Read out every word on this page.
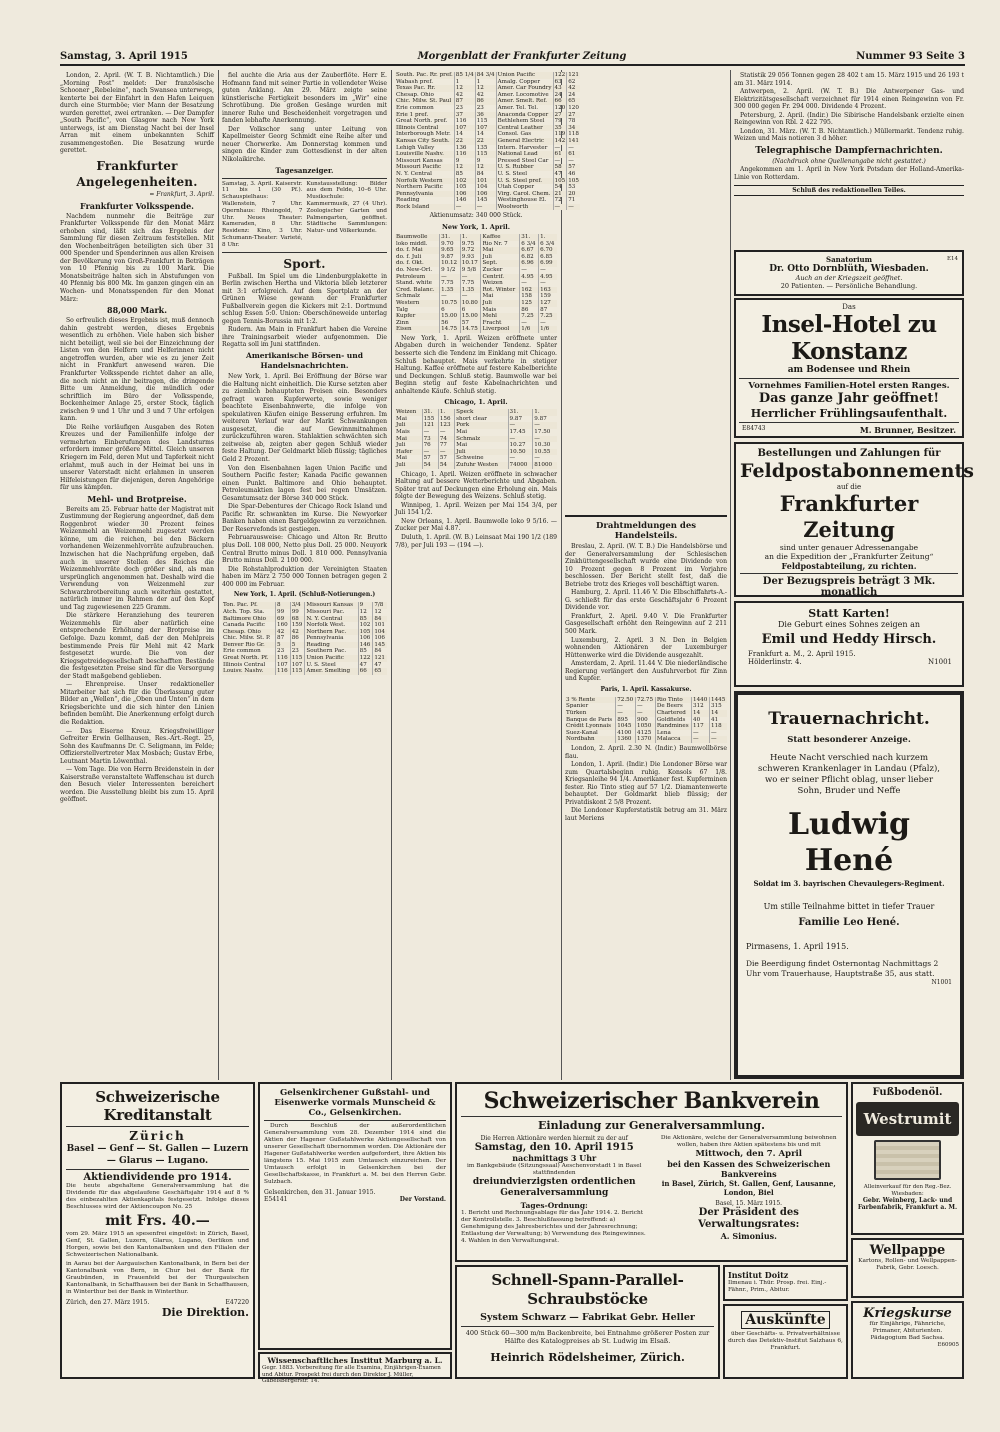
Samstag, 3. April 1915	Morgenblatt der Frankfurter Zeitung	Nummer 93 Seite 3

London, 2. April. (W. T. B. Nichtamtlich.) Die „Morning Post“ meldet: Der französische Schooner „Rebeleine“, nach Swansea unterwegs, kenterte bei der Einfahrt in den Hafen Leiquen durch eine Sturmböe; vier Mann der Besatzung wurden gerettet, zwei ertranken. — Der Dampfer „South Pacific“, von Glasgow nach New York unterwegs, ist am Dienstag Nacht bei der Insel Arran mit einem unbekannten Schiff zusammengestoßen. Die Besatzung wurde gerettet.

Frankfurter Angelegenheiten.

= Frankfurt, 3. April.

Frankfurter Volksspende.

Nachdem nunmehr die Beiträge zur Frankfurter Volksspende für den Monat März erhoben sind, läßt sich das Ergebnis der Sammlung für diesen Zeitraum feststellen. Mit den Wochenbeiträgen beteiligten sich über 31 000 Spender und Spenderinnen aus allen Kreisen der Bevölkerung von Groß-Frankfurt in Beträgen von 10 Pfennig bis zu 100 Mark. Die Monatsbeiträge halten sich in Abstufungen von 40 Pfennig bis 800 Mk. Im ganzen gingen ein an Wochen- und Monatsspenden für den Monat März:

88,000 Mark.

So erfreulich dieses Ergebnis ist, muß dennoch dahin gestrebt werden, dieses Ergebnis wesentlich zu erhöhen. Viele haben sich bisher nicht beteiligt, weil sie bei der Einzeichnung der Listen von den Helfern und Helferinnen nicht angetroffen wurden, aber wie es zu jener Zeit nicht in Frankfurt anwesend waren. Die Frankfurter Volksspende richtet daher an alle, die noch nicht an ihr beitragen, die dringende Bitte um Anmeldung, die mündlich oder schriftlich im Büro der Volksspende, Bockenheimer Anlage 25, erster Stock, täglich zwischen 9 und 1 Uhr und 3 und 7 Uhr erfolgen kann.

Die Reihe vorläufigen Ausgaben des Roten Kreuzes und der Familienhilfe infolge der vermehrten Einberufungen des Landsturms erfordern immer größere Mittel. Gleich unseren Kriegern im Feld, deren Mut und Tapferkeit nicht erlahmt, muß auch in der Heimat bei uns in unserer Vaterstadt nicht erlahmen in unseren Hilfeleistungen für diejenigen, deren Angehörige für uns kämpfen.

Mehl- und Brotpreise.

Bereits am 25. Februar hatte der Magistrat mit Zustimmung der Regierung angeordnet, daß dem Roggenbrot wieder 30 Prozent feines Weizenmehl an Weizenmehl zugesetzt werden könne, um die reichen, bei den Bäckern vorhandenen Weizenmehlvorräte aufzubrauchen. Inzwischen hat die Nachprüfung ergeben, daß auch in unserer Stellen des Reiches die Weizenmehlvorräte doch größer sind, als man ursprünglich angenommen hat. Deshalb wird die Verwendung von Weizenmehl zur Schwarzbrotbereitung auch weiterhin gestattet, natürlich immer im Rahmen der auf den Kopf und Tag zugewiesenen 225 Gramm.

Die stärkere Heranziehung des teureren Weizenmehls für aber natürlich eine entsprechende Erhöhung der Brotpreise im Gefolge. Dazu kommt, daß der den Mehlpreis bestimmende Preis für Mehl mit 42 Mark festgesetzt wurde. Die von der Kriegsgetreidegesellschaft beschafften Bestände die festgesetzten Preise sind für die Versorgung der Stadt maßgebend geblieben.

— Ehrenpreise. Unser redaktioneller Mitarbeiter hat sich für die Überlassung guter Bilder an „Wellen“, die „Oben und Unten“ in dem Kriegsberichte und die sich hinter den Linien befinden bemüht. Die Anerkennung erfolgt durch die Redaktion.

— Das Eiserne Kreuz. Kriegsfreiwilliger Gefreiter Erwin Gellhausen, Res.-Art.-Regt. 25, Sohn des Kaufmanns Dr. C. Seligmann, im Felde; Offizierstellvertreter Max Mosbach; Gustav Erbe, Leutnant Martin Löwenthal.

— Vom Tage. Die von Herrn Breidenstein in der Kaiserstraße veranstaltete Waffenschau ist durch den Besuch vieler Interessenten bereichert worden. Die Ausstellung bleibt bis zum 15. April geöffnet.

fiel auchte die Aria aus der Zauberflöte. Herr E. Hofmann fand mit seiner Partie in vollendeter Weise guten Anklang. Am 29. März zeigte seine künstlerische Fertigkeit besonders im „Wir“ eine Schrotübung. Die großen Gesänge wurden mit innerer Ruhe und Bescheidenheit vorgetragen und fanden lebhafte Anerkennung.

Der Volkschor sang unter Leitung von Kapellmeister Georg Schmidt eine Reihe alter und neuer Chorwerke. Am Donnerstag kommen und singen die Kinder zum Gottesdienst in der alten Nikolaikirche.

Tagesanzeiger.

Samstag, 3. April. Kaiserstr. 11 bis 1 (30 Pf.). Schauspielhaus: Wallenstein, 7 Uhr. Opernhaus: Rheingold, 7 Uhr. Neues Theater: Kameraden, 8 Uhr. Residenz: Kino, 3 Uhr. Schumann-Theater: Varieté, 8 Uhr.

Kunstausstellung: Bilder aus dem Felde, 10–6 Uhr. Musikschule: Kammermusik, 27 (4 Uhr). Zoologischer Garten und Palmengarten, geöffnet. Städtische Sammlungen: Natur- und Völkerkunde.

Sport.

Fußball. Im Spiel um die Lindenburgplakette in Berlin zwischen Hertha und Viktoria blieb letzterer mit 3:1 erfolgreich. Auf dem Sportplatz an der Grünen Wiese gewann der Frankfurter Fußballverein gegen die Kickers mit 2:1. Dortmund schlug Essen 5:0. Union: Oberschöneweide unterlag gegen Tennis-Borussia mit 1:2.

Rudern. Am Main in Frankfurt haben die Vereine ihre Trainingsarbeit wieder aufgenommen. Die Regatta soll im Juni stattfinden.

Amerikanische Börsen- und Handelsnachrichten.

New York, 1. April. Bei Eröffnung der Börse war die Haltung nicht einheitlich. Die Kurse setzten aber zu ziemlich behaupteten Preisen ein. Besonders gefragt waren Kupferwerte, sowie weniger beachtete Eisenbahnwerte, die infolge von spekulativen Käufen einige Besserung erfuhren. Im weiteren Verlauf war der Markt Schwankungen ausgesetzt, die auf Gewinnmitnahmen zurückzuführen waren. Stahlaktien schwächten sich zeitweise ab, zeigten aber gegen Schluß wieder feste Haltung. Der Geldmarkt blieb flüssig; tägliches Geld 2 Prozent.

Von den Eisenbahnen lagen Union Pacific und Southern Pacific fester; Kanada Pacific gewannen einen Punkt. Baltimore and Ohio behauptet. Petroleumaktien lagen fest bei regen Umsätzen. Gesamtumsatz der Börse 340 000 Stück.

Die Spar-Debentures der Chicago Rock Island und Pacific Rr. schwankten im Kurse. Die Newyorker Banken haben einen Bargeldgewinn zu verzeichnen. Der Reservefonds ist gestiegen.

Februarausweise: Chicago und Alton Rr. Brutto plus Doll. 108 000, Netto plus Doll. 25 000. Neuyork Central Brutto minus Doll. 1 810 000. Pennsylvania Brutto minus Doll. 2 100 000.

Die Rohstahlproduktion der Vereinigten Staaten haben im März 2 750 000 Tonnen betragen gegen 2 400 000 im Februar.

New York, 1. April. (Schluß-Notierungen.)
Ton. Pac. Pf.	8	3/4	Missouri Kansas	9	7/8
Atch. Top. Sta.	99	99	Missouri Pac.	12	12
Baltimore Ohio	69	68	N. Y. Central	85	84
Canada Pacific	160	159	Norfolk West.	102	101
Chesap. Ohio	42	42	Northern Pac.	105	104
Chic. Milw. St. P.	87	86	Pennsylvania	106	106
Denver Rio Gr.	5	5	Reading	146	145
Erie common	23	23	Southern Pac.	85	84
Great North. Pf.	116	115	Union Pacific	122	121
Illinois Central	107	107	U. S. Steel	47	47
Louisv. Nashv.	116	115	Amer. Smelting	66	65
South. Pac. Rr. pref.	85 1/4	84 3/4	Union Pacific	122	121
Wabash pref.	1	1	Amalg. Copper	63	62
Texas Pac. Rr.	12	12	Amer. Car Foundry	43	42
Chesap. Ohio	42	42	Amer. Locomotive	24	24
Chic. Milw. St. Paul	87	86	Amer. Smelt. Ref.	66	65
Erie common	23	23	Amer. Tel. Tel.	120	120
Erie 1 pref.	37	36	Anaconda Copper	27	27
Great North. pref.	116	115	Bethlehem Steel	79	78
Illinois Central	107	107	Central Leather	35	34
Interborough Metr.	14	14	Consol. Gas	119	118
Kansas City South.	22	22	General Electric	142	141
Lehigh Valley	136	135	Intern. Harvester	—	—
Louisville Nashv.	116	115	National Lead	61	61
Missouri Kansas	9	9	Pressed Steel Car	—	—
Missouri Pacific	12	12	U. S. Rubber	58	57
N. Y. Central	85	84	U. S. Steel	47	46
Norfolk Western	102	101	U. S. Steel pref.	105	105
Northern Pacific	105	104	Utah Copper	54	53
Pennsylvania	106	106	Virg. Carol. Chem.	21	20
Reading	146	145	Westinghouse El.	72	71
Rock Island	—	—	Woolworth	—	—

Aktienumsatz: 340 000 Stück.

New York, 1. April.
Baumwolle	31.	1.	Kaffee	31.	1.
loko middl.	9.70	9.75	Rio Nr. 7	6 3/4	6 3/4
do. f. Mai	9.65	9.72	Mai	6.67	6.70
do. f. Juli	9.87	9.93	Juli	6.82	6.85
do. f. Okt.	10.12	10.17	Sept.	6.96	6.99
do. New-Orl.	9 1/2	9 5/8	Zucker	—	—
Petroleum	—	—	Centrif.	4.95	4.95
Stand. white	7.75	7.75	Weizen	—	—
Cred. Balanc.	1.35	1.35	Rot. Winter	162	163
Schmalz	—	—	Mai	158	159
Western	10.75	10.80	Juli	125	127
Talg	6	6	Mais	86	87
Kupfer	15.00	15.00	Mehl	7.25	7.25
Zinn	56	57	Fracht	—	—
Eisen	14.75	14.75	Liverpool	1/6	1/6

New York, 1. April. Weizen eröffnete unter Abgaben durch in weichender Tendenz. Später besserte sich die Tendenz im Einklang mit Chicago. Schluß behauptet. Mais verkehrte in stetiger Haltung. Kaffee eröffnete auf festere Kabelberichte und Deckungen. Schluß stetig. Baumwolle war bei Beginn stetig auf feste Kabelnachrichten und anhaltende Käufe. Schluß stetig.

Chicago, 1. April.
Weizen	31.	1.	Speck	31.	1.
Mai	155	156	short clear	9.87	9.87
Juli	121	123	Pork	—	—
Mais	—	—	Mai	17.45	17.50
Mai	73	74	Schmalz	—	—
Juli	76	77	Mai	10.27	10.30
Hafer	—	—	Juli	10.50	10.55
Mai	57	57	Schweine	—	—
Juli	54	54	Zufuhr Westen	74000	81000

Chicago, 1. April. Weizen eröffnete in schwacher Haltung auf bessere Wetterberichte und Abgaben. Später trat auf Deckungen eine Erholung ein. Mais folgte der Bewegung des Weizens. Schluß stetig.

Winnipeg, 1. April. Weizen per Mai 154 3/4, per Juli 154 1/2.

New Orleans, 1. April. Baumwolle loko 9 5/16. — Zucker per Mai 4.87.

Duluth, 1. April. (W. B.) Leinsaat Mai 190 1/2 (189 7/8), per Juli 193 — (194 —).

Drahtmeldungen des Handelsteils.

Breslau, 2. April. (W. T. B.) Die Handelsbörse und der Generalversammlung der Schlesischen Zinkhüttengesellschaft wurde eine Dividende von 10 Prozent gegen 8 Prozent im Vorjahre beschlossen. Der Bericht stellt fest, daß die Betriebe trotz des Krieges voll beschäftigt waren.

Hamburg, 2. April. 11.46 V. Die Elbschiffahrts-A.-G. schließt für das erste Geschäftsjahr 6 Prozent Dividende vor.

Frankfurt, 2. April. 9.40 V. Die Frankfurter Gasgesellschaft erhöht den Reingewinn auf 2 211 500 Mark.

Luxemburg, 2. April. 3 N. Den in Belgien wohnenden Aktionären der Luxemburger Hüttenwerke wird die Dividende ausgezahlt.

Amsterdam, 2. April. 11.44 V. Die niederländische Regierung verlängert den Ausfuhrverbot für Zinn und Kupfer.

Paris, 1. April. Kassakurse.
3 % Rente	72.50	72.75	Rio Tinto	1440	1445
Spanier	—	—	De Beers	312	315
Türken	—	—	Chartered	14	14
Banque de Paris	895	900	Goldfields	40	41
Crédit Lyonnais	1045	1050	Randmines	117	118
Suez-Kanal	4100	4125	Lena	—	—
Nordbahn	1360	1370	Malacca	—	—

London, 2. April. 2.30 N. (Indir.) Baumwollbörse flau.

London, 1. April. (Indir.) Die Londoner Börse war zum Quartalsbeginn ruhig. Konsols 67 1/8. Kriegsanleihe 94 1/4. Amerikaner fest. Kupferminen fester. Rio Tinto stieg auf 57 1/2. Diamantenwerte behauptet. Der Goldmarkt blieb flüssig; der Privatdiskont 2 5/8 Prozent.

Die Londoner Kupferstatistik betrug am 31. März laut Meriens

Statistik 29 056 Tonnen gegen 28 402 t am 15. März 1915 und 26 193 t am 31. März 1914.

Antwerpen, 2. April. (W. T. B.) Die Antwerpener Gas- und Elektrizitätsgesellschaft verzeichnet für 1914 einen Reingewinn von Fr. 300 000 gegen Fr. 294 000. Dividende 4 Prozent.

Petersburg, 2. April. (Indir.) Die Sibirische Handelsbank erzielte einen Reingewinn von Rbl. 2 422 795.

London, 31. März. (W. T. B. Nichtamtlich.) Müllermarkt. Tendenz ruhig. Weizen und Mais notieren 3 d höher.

Telegraphische Dampfernachrichten.

(Nachdruck ohne Quellenangabe nicht gestattet.)

Angekommen am 1. April in New York Potsdam der Holland-Amerika-Linie von Rotterdam.

Schluß des redaktionellen Teiles.
Sanatorium
Dr. Otto Dornblüth, Wiesbaden.
Auch an der Kriegszeit geöffnet.
20 Patienten. — Persönliche Behandlung.
E14
Das
Insel-Hotel zu Konstanz
am Bodensee und Rhein
Vornehmes Familien-Hotel ersten Ranges.
Das ganze Jahr geöffnet!
Herrlicher Frühlingsaufenthalt.
E84743	M. Brunner, Besitzer.
Bestellungen und Zahlungen für
Feldpostabonnements
auf die
Frankfurter Zeitung
sind unter genauer Adressenangabe
an die Expedition der „Frankfurter Zeitung“
Feldpostabteilung, zu richten.
Der Bezugspreis beträgt 3 Mk. monatlich
Statt Karten!
Die Geburt eines Sohnes zeigen an
Emil und Heddy Hirsch.
Frankfurt a. M., 2. April 1915.
Hölderlinstr. 4.	N1001
Trauernachricht.
Statt besonderer Anzeige.
Heute Nacht verschied nach kurzem schweren Krankenlager in Landau (Pfalz), wo er seiner Pflicht oblag, unser lieber Sohn, Bruder und Neffe
Ludwig Hené
Soldat im 3. bayrischen Chevaulegers-Regiment.
Um stille Teilnahme bittet in tiefer Trauer
Familie Leo Hené.
Pirmasens, 1. April 1915.
Die Beerdigung findet Osternontag Nachmittags 2 Uhr vom Trauerhause, Hauptstraße 35, aus statt.
N1001
Schweizerische Kreditanstalt
Zürich
Basel — Genf — St. Gallen — Luzern — Glarus — Lugano.
Aktiendividende pro 1914.
Die heute abgehaltene Generalversammlung hat die Dividende für das abgelaufene Geschäftsjahr 1914 auf 8 % des einbezahlten Aktienkapitals festgesetzt. Infolge dieses Beschlusses wird der Aktiencoupon No. 25
mit Frs. 40.—
vom 29. März 1915 an spesenfrei eingelöst: in Zürich, Basel, Genf, St. Gallen, Luzern, Glarus, Lugano, Oerlikon und Horgen, sowie bei den Kantonalbanken und den Filialen der Schweizerischen Nationalbank.
in Aarau bei der Aargauischen Kantonalbank, in Bern bei der Kantonalbank von Bern, in Chur bei der Bank für Graubünden, in Frauenfeld bei der Thurgauischen Kantonalbank, in Schaffhausen bei der Bank in Schaffhausen, in Winterthur bei der Bank in Winterthur.
Zürich, den 27. März 1915.	E47220
Die Direktion.
Gelsenkirchener Gußstahl- und Eisenwerke vormals Munscheid & Co., Gelsenkirchen.
Durch Beschluß der außerordentlichen Generalversammlung vom 28. Dezember 1914 sind die Aktien der Hagener Gußstahlwerke Aktiengesellschaft von unserer Gesellschaft übernommen worden. Die Aktionäre der Hagener Gußstahlwerke werden aufgefordert, ihre Aktien bis längstens 15. Mai 1915 zum Umtausch einzureichen. Der Umtausch erfolgt in Gelsenkirchen bei der Gesellschaftskasse, in Frankfurt a. M. bei den Herren Gebr. Sulzbach.
Gelsenkirchen, den 31. Januar 1915.
E54141	Der Vorstand.
Wissenschaftliches Institut Marburg a. L.
Gegr. 1883. Vorbereitung für alle Examina, Einjährigen-Examen und Abitur. Prospekt frei durch den Direktor J. Müller, Gabelsbergerstr. 14.
Schweizerischer Bankverein
Einladung zur Generalversammlung.
Die Herren Aktionäre werden hiermit zu der auf
Samstag, den 10. April 1915
nachmittags 3 Uhr
im Bankgebäude (Sitzungssaal) Aeschenvorstadt 1 in Basel stattfindenden
dreiundvierzigsten ordentlichen Generalversammlung
Tages-Ordnung:
1. Bericht und Rechnungsablage für das Jahr 1914. 2. Bericht der Kontrollstelle. 3. Beschlußfassung betreffend: a) Genehmigung des Jahresberichtes und der Jahresrechnung; Entlastung der Verwaltung; b) Verwendung des Reingewinnes. 4. Wahlen in den Verwaltungsrat.
Die Aktionäre, welche der Generalversammlung beiwohnen wollen, haben ihre Aktien spätestens bis und mit
Mittwoch, den 7. April
bei den Kassen des Schweizerischen Bankvereins
in Basel, Zürich, St. Gallen, Genf, Lausanne, London, Biel
Basel, 15. März 1915.
Der Präsident des Verwaltungsrates:
A. Simonius.
Schnell-Spann-Parallel-Schraubstöcke
System Schwarz — Fabrikat Gebr. Heller
400 Stück 60—300 m/m Backenbreite, bei Entnahme größerer Posten zur Hälfte des Katalogpreises ab St. Ludwig im Elsaß.
Heinrich Rödelsheimer, Zürich.
Institut Doitz
Ilmenau i. Thür. Prosp. frei. Einj.-Fähnr., Prim., Abitur.
Auskünfte
über Geschäfts- u. Privatverhältnisse durch das Detektiv-Institut Salzhaus 6, Frankfurt.
Fußbodenöl.
Westrumit
Alleinverkauf für den Reg.-Bez. Wiesbaden:
Gebr. Weinberg, Lack- und Farbenfabrik, Frankfurt a. M.
Wellpappe
Kartons, Rollen- und Wellpappen-Fabrik, Gebr. Loesch.
Kriegskurse
für Einjährige, Fähnriche, Primaner, Abiturienten. Pädagogium Bad Sachsa.
E60905
